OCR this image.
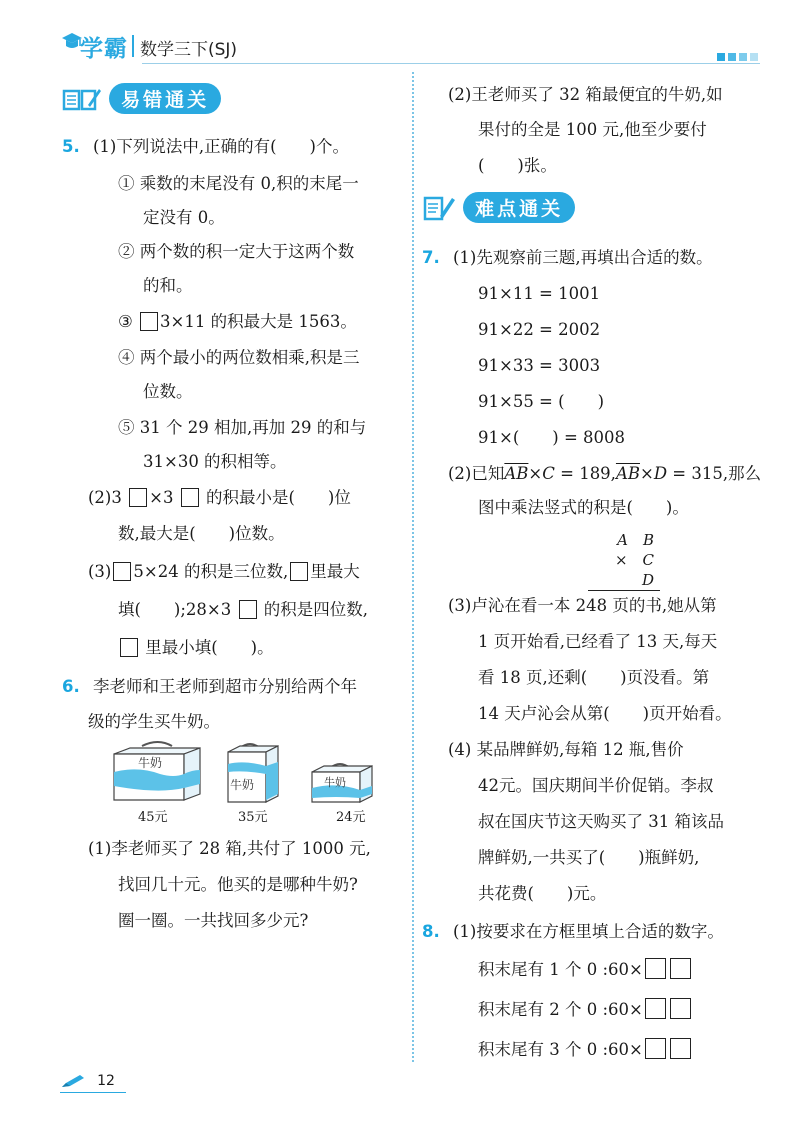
学霸 数学三下(SJ)
易错通关
5. (1)下列说法中,正确的有(　　)个。
① 乘数的末尾没有 0,积的末尾一
定没有 0。
② 两个数的积一定大于这两个数
的和。
③ 3×11 的积最大是 1563。
④ 两个最小的两位数相乘,积是三
位数。
⑤ 31 个 29 相加,再加 29 的和与
31×30 的积相等。
(2)3 ×3 的积最小是(　　)位
数,最大是(　　)位数。
(3) 5×24 的积是三位数, 里最大
填(　　);28×3 的积是四位数,
里最小填(　　)。
6. 李老师和王老师到超市分别给两个年
级的学生买牛奶。
牛奶
45元
牛奶
35元
牛奶
24元
(1)李老师买了 28 箱,共付了 1000 元,
找回几十元。他买的是哪种牛奶?
圈一圈。一共找回多少元?
(2)王老师买了 32 箱最便宜的牛奶,如
果付的全是 100 元,他至少要付
(　　)张。
难点通关
7. (1)先观察前三题,再填出合适的数。
91×11 = 1001
91×22 = 2002
91×33 = 3003
91×55 = (　　)
91×(　　) = 8008
(2)已知$\overline{AB}\times C = 189,\overline{AB}\times D = 315$,那么
图中乘法竖式的积是(　　)。
A　B
×　C　D
(3)卢沁在看一本 248 页的书,她从第
1 页开始看,已经看了 13 天,每天
看 18 页,还剩(　　)页没看。第
14 天卢沁会从第(　　)页开始看。
(4) 某品牌鲜奶,每箱 12 瓶,售价
42元。国庆期间半价促销。李叔
叔在国庆节这天购买了 31 箱该品
牌鲜奶,一共买了(　　)瓶鲜奶,
共花费(　　)元。
8. (1)按要求在方框里填上合适的数字。
积末尾有 1 个 0 :60×
积末尾有 2 个 0 :60×
积末尾有 3 个 0 :60×
12
